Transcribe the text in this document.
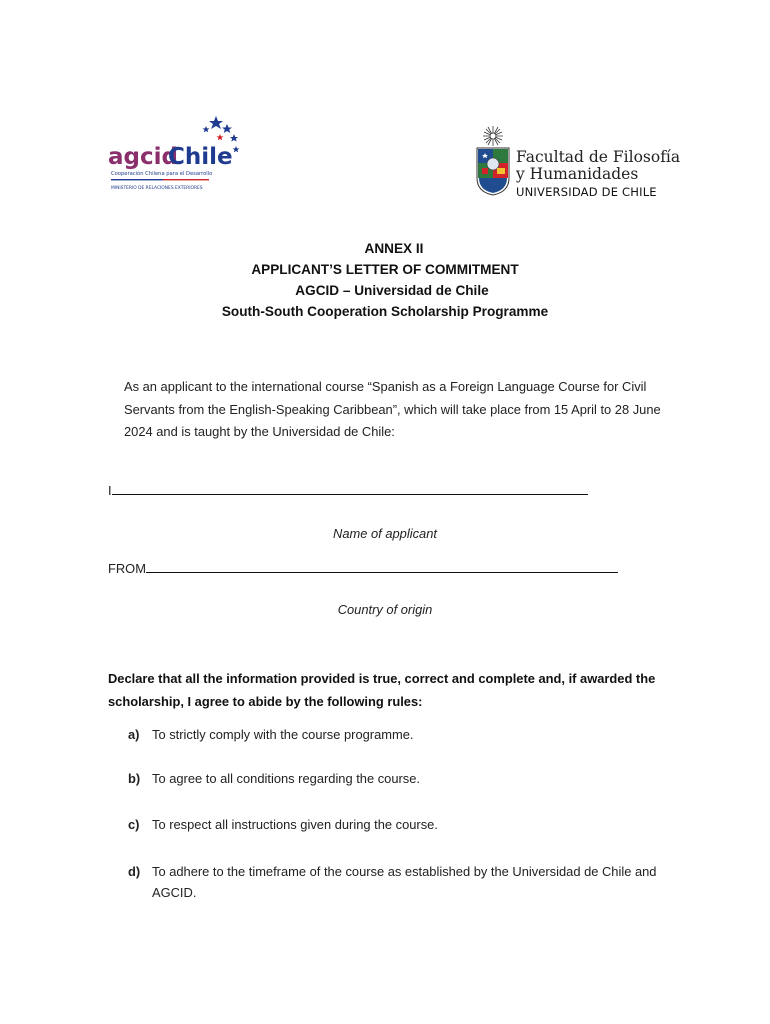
agcid
Chile
Cooperación Chilena para el Desarrollo
MINISTERIO DE RELACIONES EXTERIORES
Facultad de Filosofía
y Humanidades
UNIVERSIDAD DE CHILE
ANNEX II
APPLICANT’S LETTER OF COMMITMENT
AGCID – Universidad de Chile
South-South Cooperation Scholarship Programme
As an applicant to the international course “Spanish as a Foreign Language Course for Civil Servants from the English-Speaking Caribbean”, which will take place from 15 April to 28 June 2024 and is taught by the Universidad de Chile:
I
Name of applicant
FROM
Country of origin
Declare that all the information provided is true, correct and complete and, if awarded the scholarship, I agree to abide by the following rules:
a) To strictly comply with the course programme.
b) To agree to all conditions regarding the course.
c) To respect all instructions given during the course.
d) To adhere to the timeframe of the course as established by the Universidad de Chile and AGCID.
